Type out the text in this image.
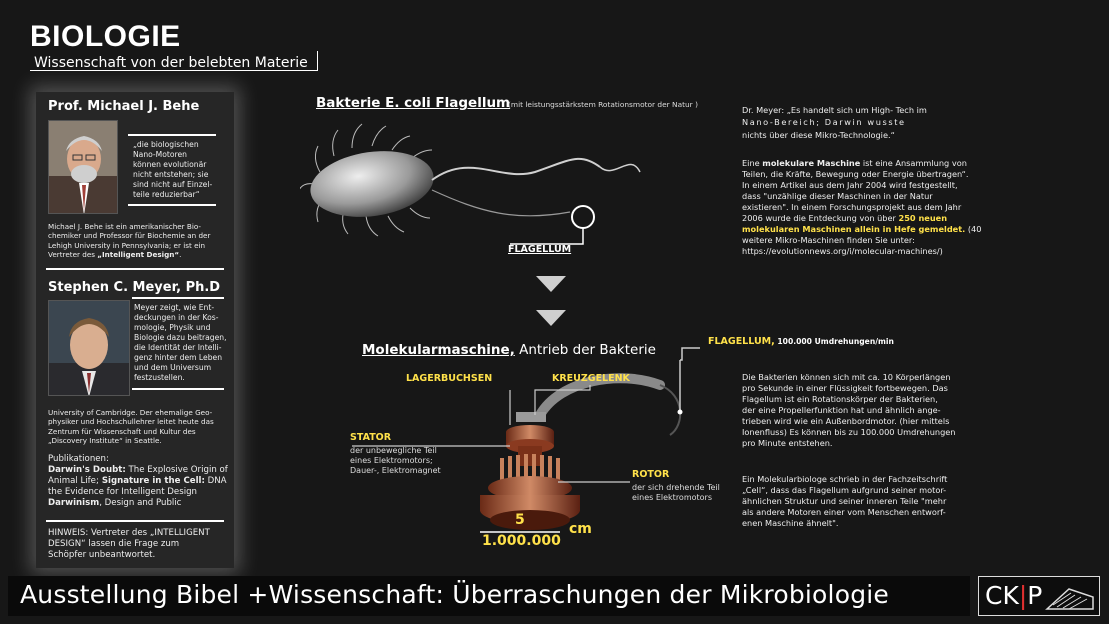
BIOLOGIE
Wissenschaft von der belebten Materie
Prof. Michael J. Behe
„die biologischen
Nano-Motoren
können evolutionär
nicht entstehen; sie
sind nicht auf Einzel-
teile reduzierbar“
Michael J. Behe ist ein amerikanischer Bio-
chemiker und Professor für Biochemie an der
Lehigh University in Pennsylvania; er ist ein
Vertreter des „Intelligent Design“.
Stephen C. Meyer, Ph.D
Meyer zeigt, wie Ent-
deckungen in der Kos-
mologie, Physik und
Biologie dazu beitragen,
die Identität der Intelli-
genz hinter dem Leben
und dem Universum
festzustellen.
University of Cambridge. Der ehemalige Geo-
physiker und Hochschullehrer leitet heute das
Zentrum für Wissenschaft und Kultur des
„Discovery Institute“ in Seattle.
Publikationen:
Darwin's Doubt: The Explosive Origin of
Animal Life; Signature in the Cell: DNA
the Evidence for Intelligent Design
Darwinism, Design and Public
HINWEIS: Vertreter des „INTELLIGENT
DESIGN“ lassen die Frage zum
Schöpfer unbeantwortet.
Bakterie E. coli Flagellum
(mit leistungsstärkstem Rotationsmotor der Natur )
FLAGELLUM
Molekularmaschine, Antrieb der Bakterie
FLAGELLUM, 100.000 Umdrehungen/min
LAGERBUCHSEN	KREUZGELENK
STATOR
der unbewegliche Teil
eines Elektromotors;
Dauer-, Elektromagnet	ROTOR
der sich drehende Teil
eines Elektromotors
5
1.000.000
cm
Dr. Meyer: „Es handelt sich um High- Tech im
Nano-Bereich; Darwin wusste
nichts über diese Mikro-Technologie.“
Eine molekulare Maschine ist eine Ansammlung von
Teilen, die Kräfte, Bewegung oder Energie übertragen“.
In einem Artikel aus dem Jahr 2004 wird festgestellt,
dass "unzählige dieser Maschinen in der Natur
existieren". In einem Forschungsprojekt aus dem Jahr
2006 wurde die Entdeckung von über 250 neuen
molekularen Maschinen allein in Hefe gemeldet. (40
weitere Mikro-Maschinen finden Sie unter:
https://evolutionnews.org/i/molecular-machines/)
Die Bakterien können sich mit ca. 10 Körperlängen
pro Sekunde in einer Flüssigkeit fortbewegen. Das
Flagellum ist ein Rotationskörper der Bakterien,
der eine Propellerfunktion hat und ähnlich ange-
trieben wird wie ein Außenbordmotor. (hier mittels
Ionenfluss) Es können bis zu 100.000 Umdrehungen
pro Minute entstehen.
Ein Molekularbiologe schrieb in der Fachzeitschrift
„Cell“, dass das Flagellum aufgrund seiner motor-
ähnlichen Struktur und seiner inneren Teile "mehr
als andere Motoren einer vom Menschen entworf-
enen Maschine ähnelt".
Ausstellung Bibel +Wissenschaft: Überraschungen der Mikrobiologie	CK|P
